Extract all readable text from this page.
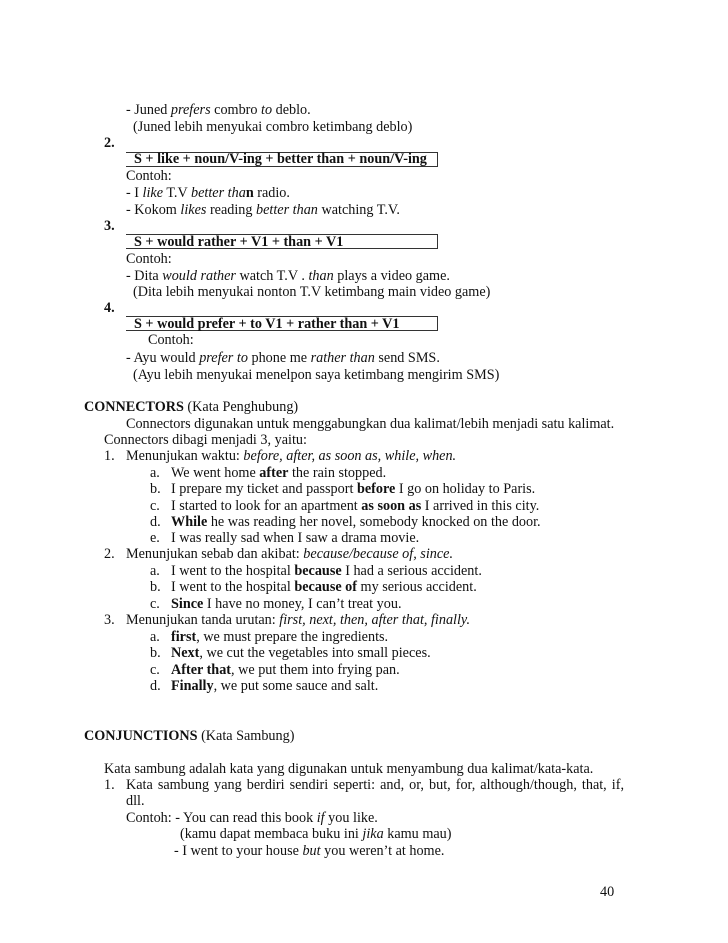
- Juned prefers combro to deblo.
(Juned lebih menyukai combro ketimbang deblo)
2.
S + like + noun/V-ing + better than + noun/V-ing
Contoh:
- I like T.V better than radio.
- Kokom likes reading better than watching T.V.
3.
S + would rather + V1 + than + V1
Contoh:
- Dita would rather watch T.V . than plays a video game.
(Dita lebih menyukai nonton T.V ketimbang main video game)
4.
S + would prefer + to V1 + rather than + V1
Contoh:
- Ayu would prefer to phone me rather than send SMS.
(Ayu lebih menyukai menelpon saya ketimbang mengirim SMS)
CONNECTORS (Kata Penghubung)
Connectors digunakan untuk menggabungkan dua kalimat/lebih menjadi satu kalimat.
Connectors dibagi menjadi 3, yaitu:
1. Menunjukan waktu: before, after, as soon as, while, when.
a. We went home after the rain stopped.
b. I prepare my ticket and passport before I go on holiday to Paris.
c. I started to look for an apartment as soon as I arrived in this city.
d. While he was reading her novel, somebody knocked on the door.
e. I was really sad when I saw a drama movie.
2. Menunjukan sebab dan akibat: because/because of, since.
a. I went to the hospital because I had a serious accident.
b. I went to the hospital because of my serious accident.
c. Since I have no money, I can’t treat you.
3. Menunjukan tanda urutan: first, next, then, after that, finally.
a. first, we must prepare the ingredients.
b. Next, we cut the vegetables into small pieces.
c. After that, we put them into frying pan.
d. Finally, we put some sauce and salt.
CONJUNCTIONS (Kata Sambung)
Kata sambung adalah kata yang digunakan untuk menyambung dua kalimat/kata-kata.
1. Kata sambung yang berdiri sendiri seperti: and, or, but, for, although/though, that, if,
dll.
Contoh: - You can read this book if you like.
(kamu dapat membaca buku ini jika kamu mau)
- I went to your house but you weren’t at home.
40
